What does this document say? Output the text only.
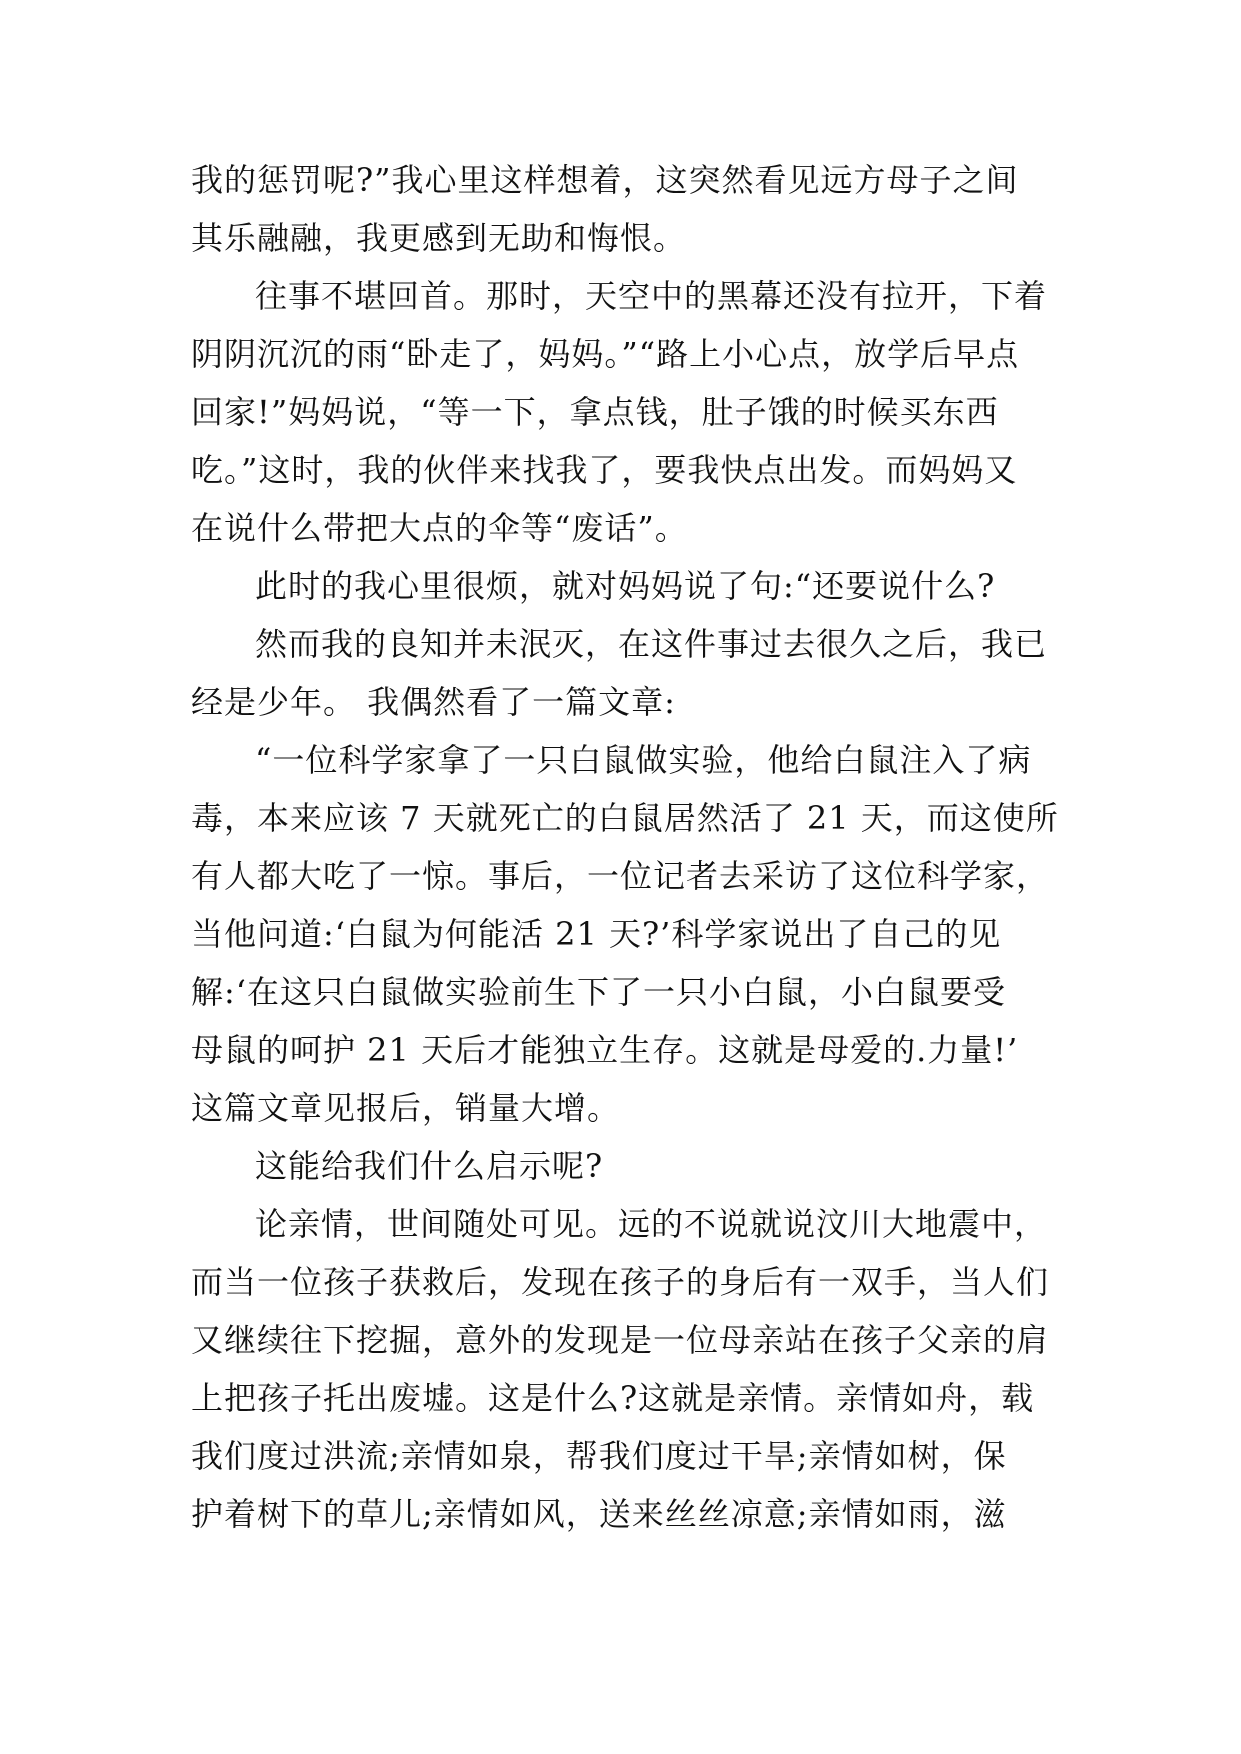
我的惩罚呢?”我心里这样想着，这突然看见远方母子之间
其乐融融，我更感到无助和悔恨。
往事不堪回首。那时，天空中的黑幕还没有拉开，下着
阴阴沉沉的雨“卧走了，妈妈。”“路上小心点，放学后早点
回家!”妈妈说，“等一下，拿点钱，肚子饿的时候买东西
吃。”这时，我的伙伴来找我了，要我快点出发。而妈妈又
在说什么带把大点的伞等“废话”。
此时的我心里很烦，就对妈妈说了句:“还要说什么?
然而我的良知并未泯灭，在这件事过去很久之后，我已
经是少年。 我偶然看了一篇文章:
“一位科学家拿了一只白鼠做实验，他给白鼠注入了病
毒，本来应该 7 天就死亡的白鼠居然活了 21 天，而这使所
有人都大吃了一惊。事后，一位记者去采访了这位科学家，
当他问道:‘白鼠为何能活 21 天?’科学家说出了自己的见
解:‘在这只白鼠做实验前生下了一只小白鼠，小白鼠要受
母鼠的呵护 21 天后才能独立生存。这就是母爱的.力量!’
这篇文章见报后，销量大增。
这能给我们什么启示呢?
论亲情，世间随处可见。远的不说就说汶川大地震中，
而当一位孩子获救后，发现在孩子的身后有一双手，当人们
又继续往下挖掘，意外的发现是一位母亲站在孩子父亲的肩
上把孩子托出废墟。这是什么?这就是亲情。亲情如舟，载
我们度过洪流;亲情如泉，帮我们度过干旱;亲情如树，保
护着树下的草儿;亲情如风，送来丝丝凉意;亲情如雨，滋
